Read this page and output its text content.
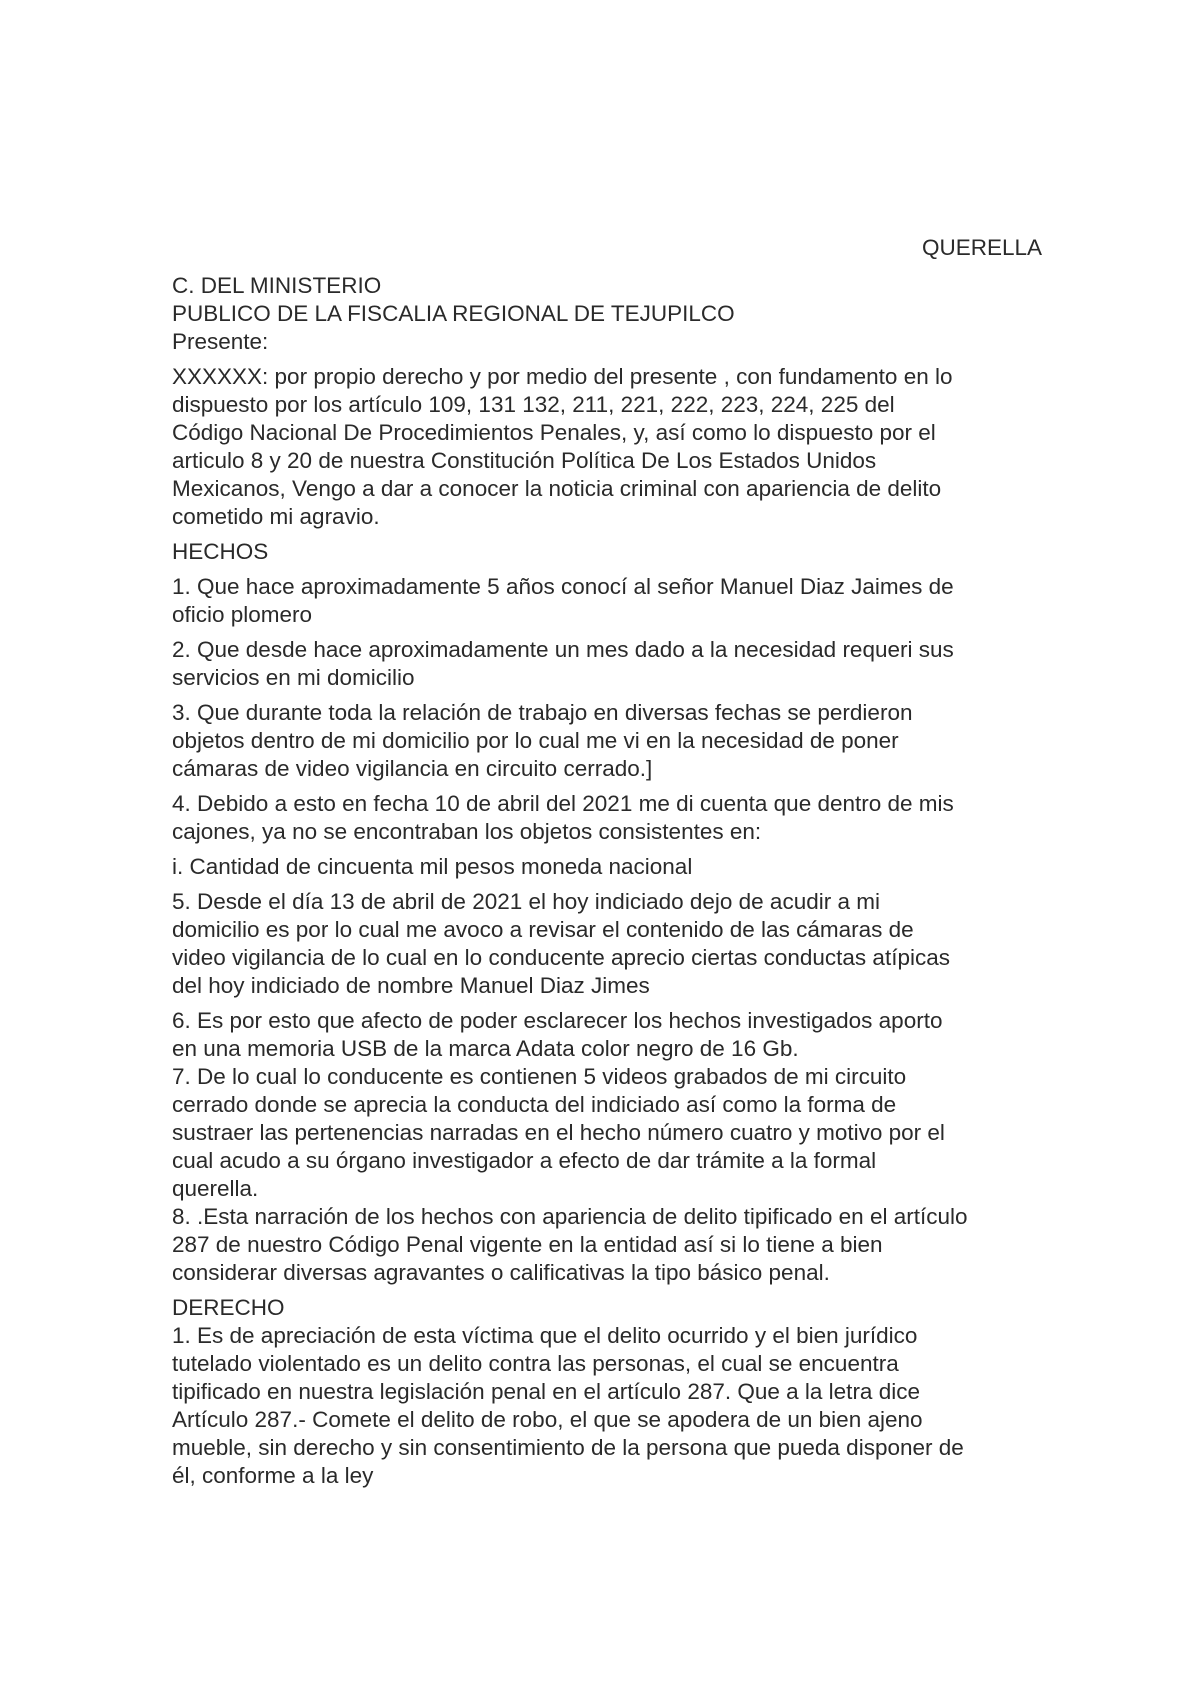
QUERELLA
C. DEL MINISTERIO
PUBLICO DE LA FISCALIA REGIONAL DE TEJUPILCO
Presente:
XXXXXX: por propio derecho y por medio del presente , con fundamento en lo
dispuesto por los artículo 109, 131 132, 211, 221, 222, 223, 224, 225 del
Código Nacional De Procedimientos Penales, y, así como lo dispuesto por el
articulo 8 y 20 de nuestra Constitución Política De Los Estados Unidos
Mexicanos, Vengo a dar a conocer la noticia criminal con apariencia de delito
cometido mi agravio.
HECHOS
1. Que hace aproximadamente 5 años conocí al señor Manuel Diaz Jaimes de
oficio plomero
2. Que desde hace aproximadamente un mes dado a la necesidad requeri sus
servicios en mi domicilio
3. Que durante toda la relación de trabajo en diversas fechas se perdieron
objetos dentro de mi domicilio por lo cual me vi en la necesidad de poner
cámaras de video vigilancia en circuito cerrado.]
4. Debido a esto en fecha 10 de abril del 2021 me di cuenta que dentro de mis
cajones, ya no se encontraban los objetos consistentes en:
i. Cantidad de cincuenta mil pesos moneda nacional
5. Desde el día 13 de abril de 2021 el hoy indiciado dejo de acudir a mi
domicilio es por lo cual me avoco a revisar el contenido de las cámaras de
video vigilancia de lo cual en lo conducente aprecio ciertas conductas atípicas
del hoy indiciado de nombre Manuel Diaz Jimes
6. Es por esto que afecto de poder esclarecer los hechos investigados aporto
en una memoria USB de la marca Adata color negro de 16 Gb.
7. De lo cual lo conducente es contienen 5 videos grabados de mi circuito
cerrado donde se aprecia la conducta del indiciado así como la forma de
sustraer las pertenencias narradas en el hecho número cuatro y motivo por el
cual acudo a su órgano investigador a efecto de dar trámite a la formal
querella.
8. .Esta narración de los hechos con apariencia de delito tipificado en el artículo
287 de nuestro Código Penal vigente en la entidad así si lo tiene a bien
considerar diversas agravantes o calificativas la tipo básico penal.
DERECHO
1. Es de apreciación de esta víctima que el delito ocurrido y el bien jurídico
tutelado violentado es un delito contra las personas, el cual se encuentra
tipificado en nuestra legislación penal en el artículo 287. Que a la letra dice
Artículo 287.- Comete el delito de robo, el que se apodera de un bien ajeno
mueble, sin derecho y sin consentimiento de la persona que pueda disponer de
él, conforme a la ley
